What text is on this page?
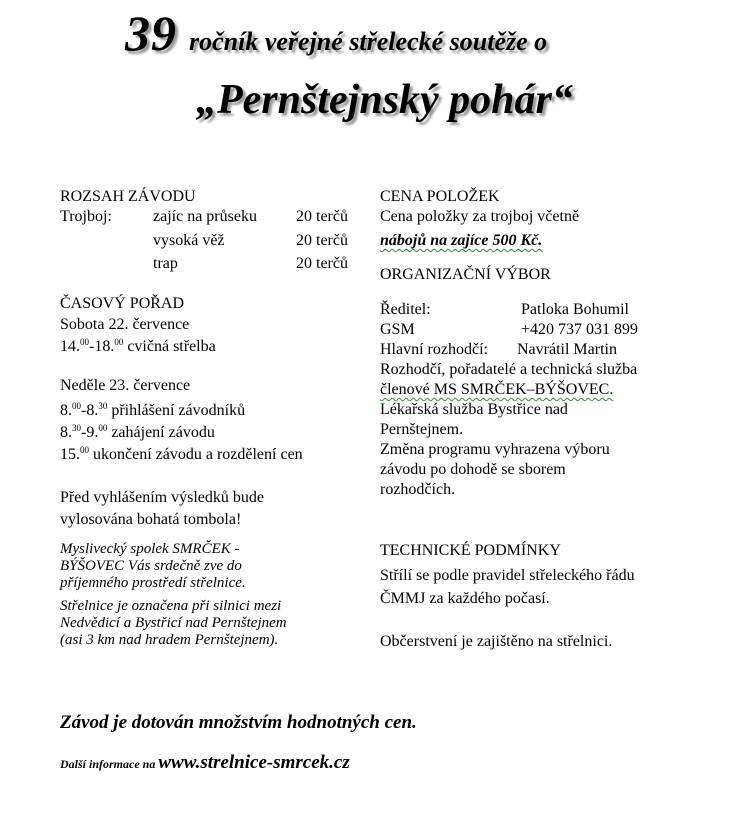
39 ročník veřejné střelecké soutěže o
„Pernštejnský pohár“
ROZSAH ZÁVODU
Trojboj:	zajíc na průseku 20 terčů
vysoká věž	20 terčů
trap	20 terčů
ČASOVÝ POŘAD
Sobota 22. července
14.00-18.00 cvičná střelba
Neděle 23. července
8.00-8.30 přihlášení závodníků
8.30-9.00 zahájení závodu
15.00 ukončení závodu a rozdělení cen
Před vyhlášením výsledků bude
vylosována bohatá tombola!
Myslivecký spolek SMRČEK -
BÝŠOVEC Vás srdečně zve do
příjemného prostředí střelnice.
Střelnice je označena při silnici mezi
Nedvědicí a Bystřicí nad Pernštejnem
(asi 3 km nad hradem Pernštejnem).
CENA POLOŽEK
Cena položky za trojboj včetně
nábojů na zajíce 500 Kč.
ORGANIZAČNÍ VÝBOR
Ředitel:	Patloka Bohumil
GSM	+420 737 031 899
Hlavní rozhodčí: Navrátil Martin
Rozhodčí, pořadatelé a technická služba
členové MS SMRČEK–BÝŠOVEC.
Lékařská služba Bystřice nad
Pernštejnem.
Změna programu vyhrazena výboru
závodu po dohodě se sborem
rozhodčích.
TECHNICKÉ PODMÍNKY
Střílí se podle pravidel střeleckého řádu
ČMMJ za každého počasí.
Občerstvení je zajištěno na střelnici.
Závod je dotován množstvím hodnotných cen.
Další informace na www.strelnice-smrcek.cz
